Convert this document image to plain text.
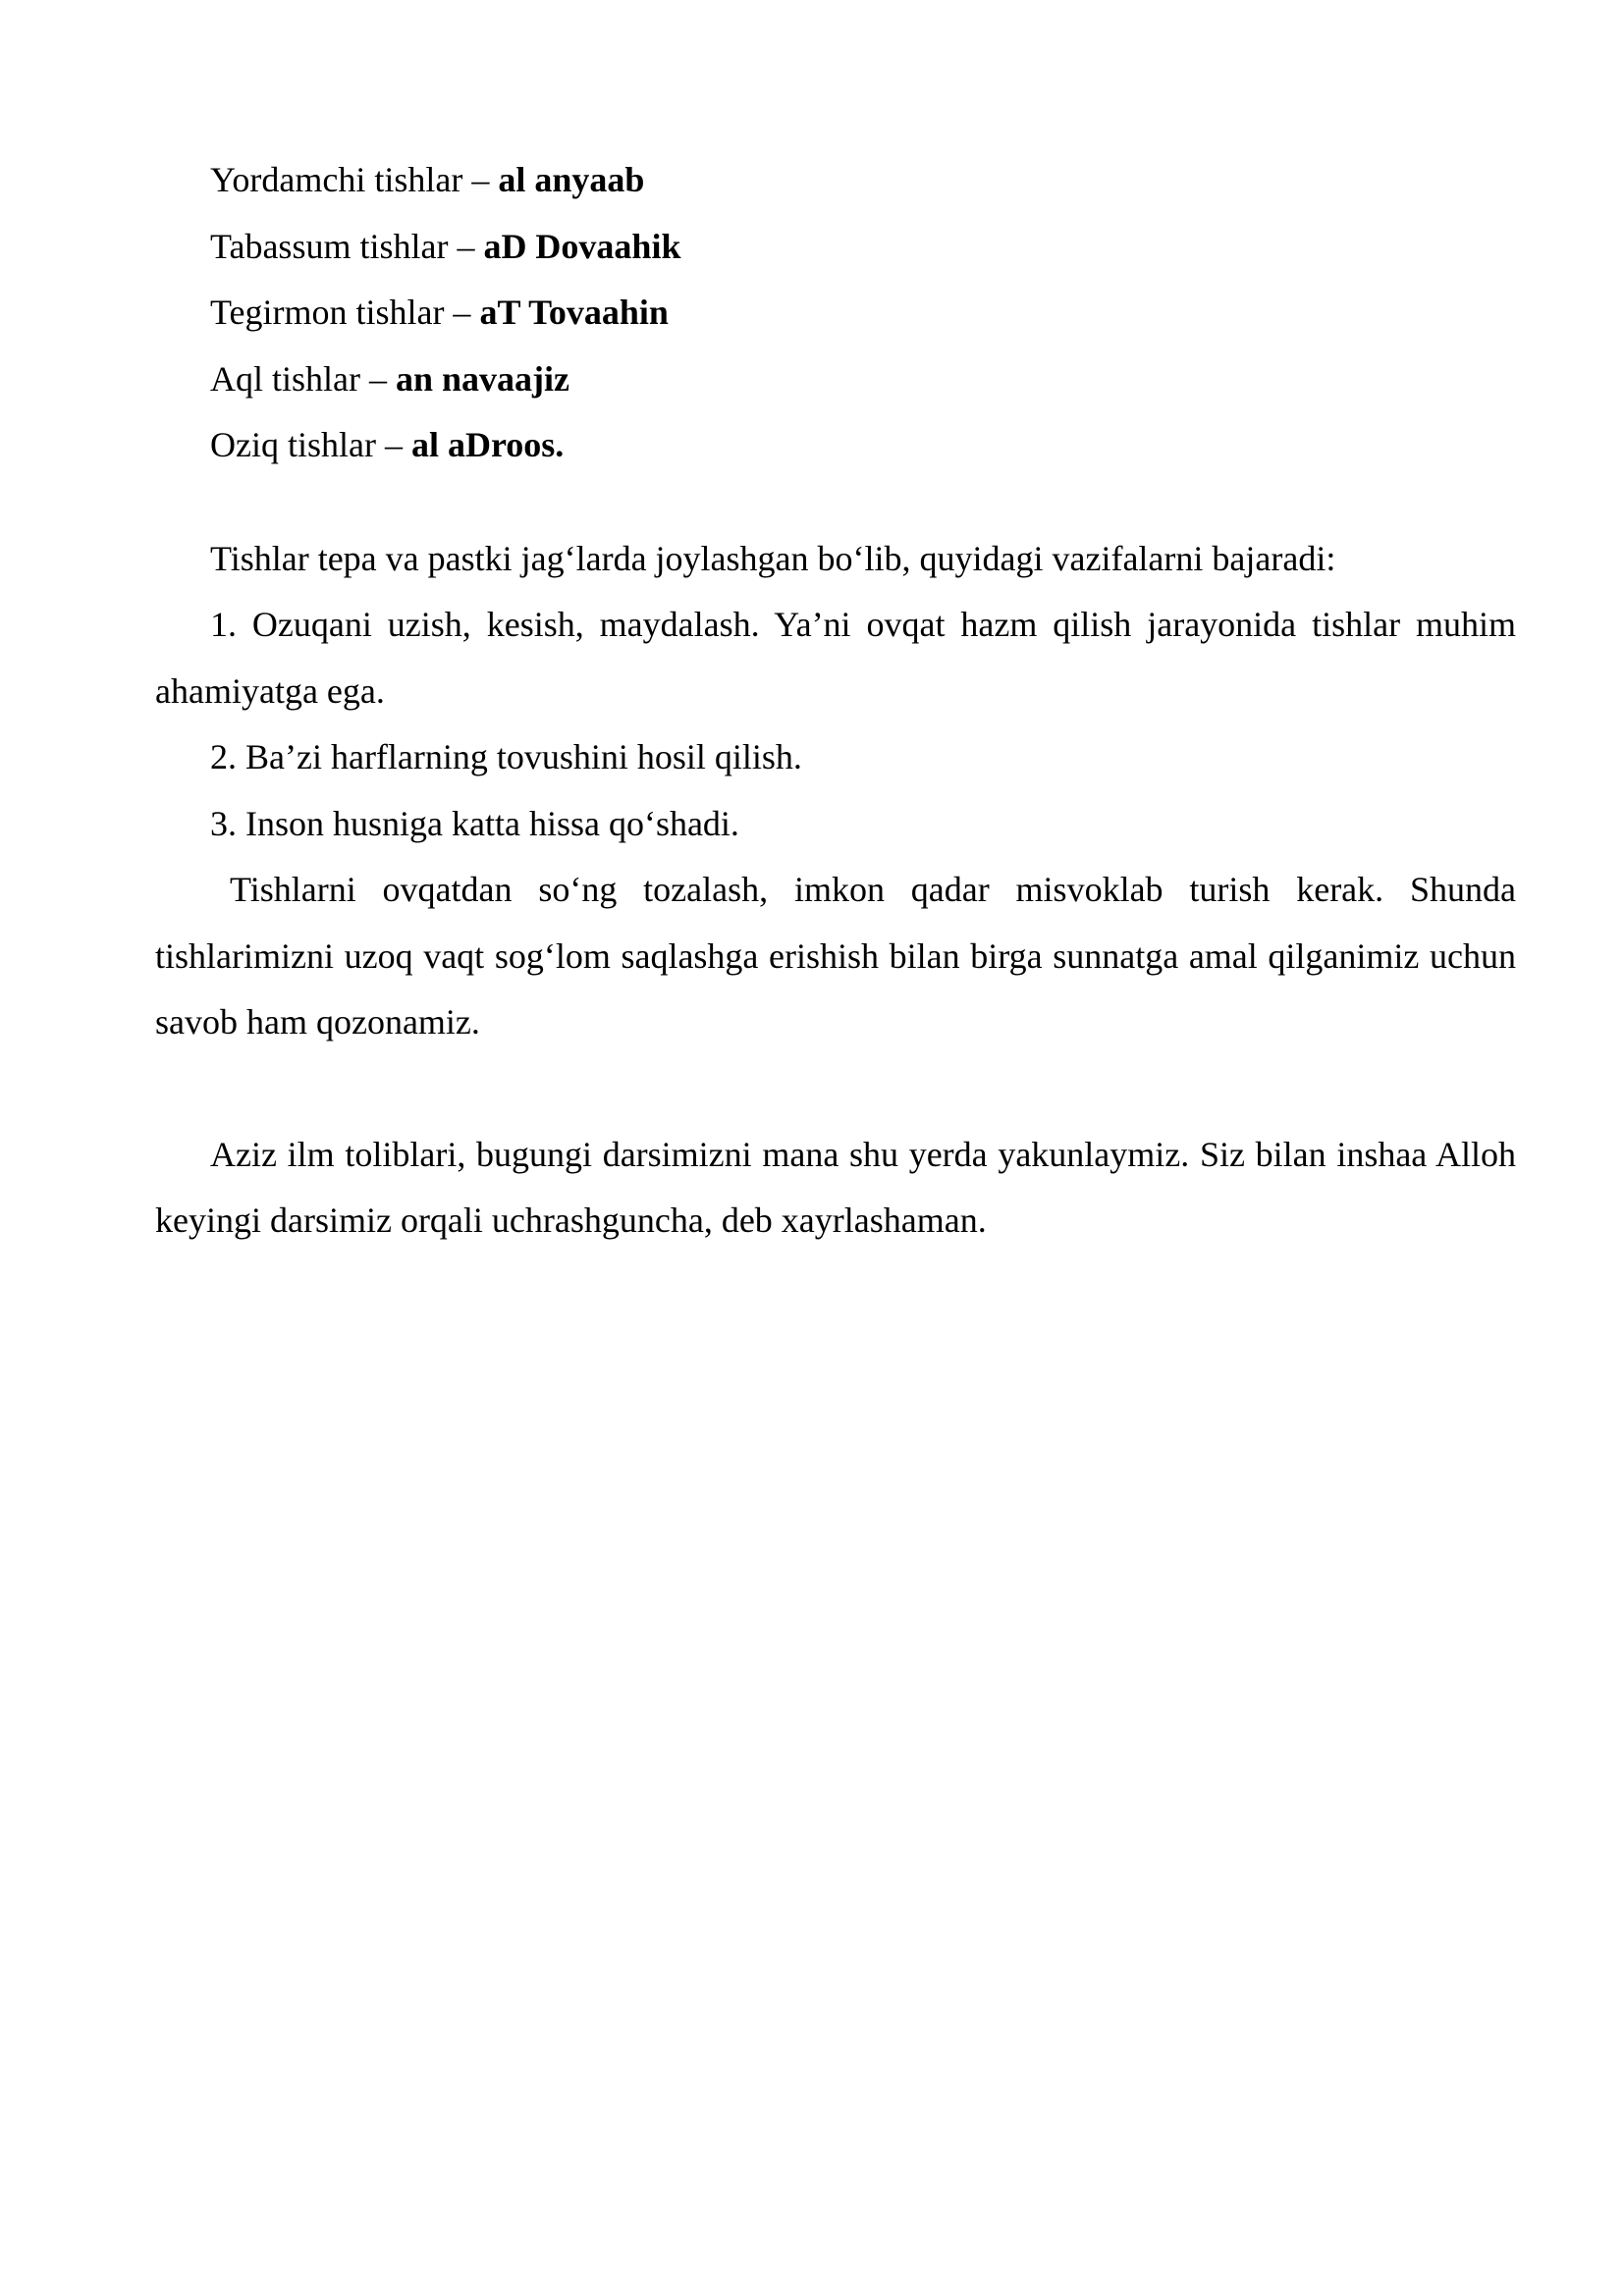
Yordamchi tishlar – al anyaab
Tabassum tishlar – aD Dovaahik
Tegirmon tishlar – aT Tovaahin
Aql tishlar – an navaajiz
Oziq tishlar – al aDroos.

Tishlar tepa va pastki jag‘larda joylashgan bo‘lib, quyidagi vazifalarni bajaradi:

1. Ozuqani uzish, kesish, maydalash. Ya’ni ovqat hazm qilish jarayonida tishlar muhim ahamiyatga ega.

2. Ba’zi harflarning tovushini hosil qilish.

3. Inson husniga katta hissa qo‘shadi.

Tishlarni ovqatdan so‘ng tozalash, imkon qadar misvoklab turish kerak. Shunda tishlarimizni uzoq vaqt sog‘lom saqlashga erishish bilan birga sunnatga amal qilganimiz uchun savob ham qozonamiz.

Aziz ilm toliblari, bugungi darsimizni mana shu yerda yakunlaymiz. Siz bilan inshaa Alloh keyingi darsimiz orqali uchrashguncha, deb xayrlashaman.
